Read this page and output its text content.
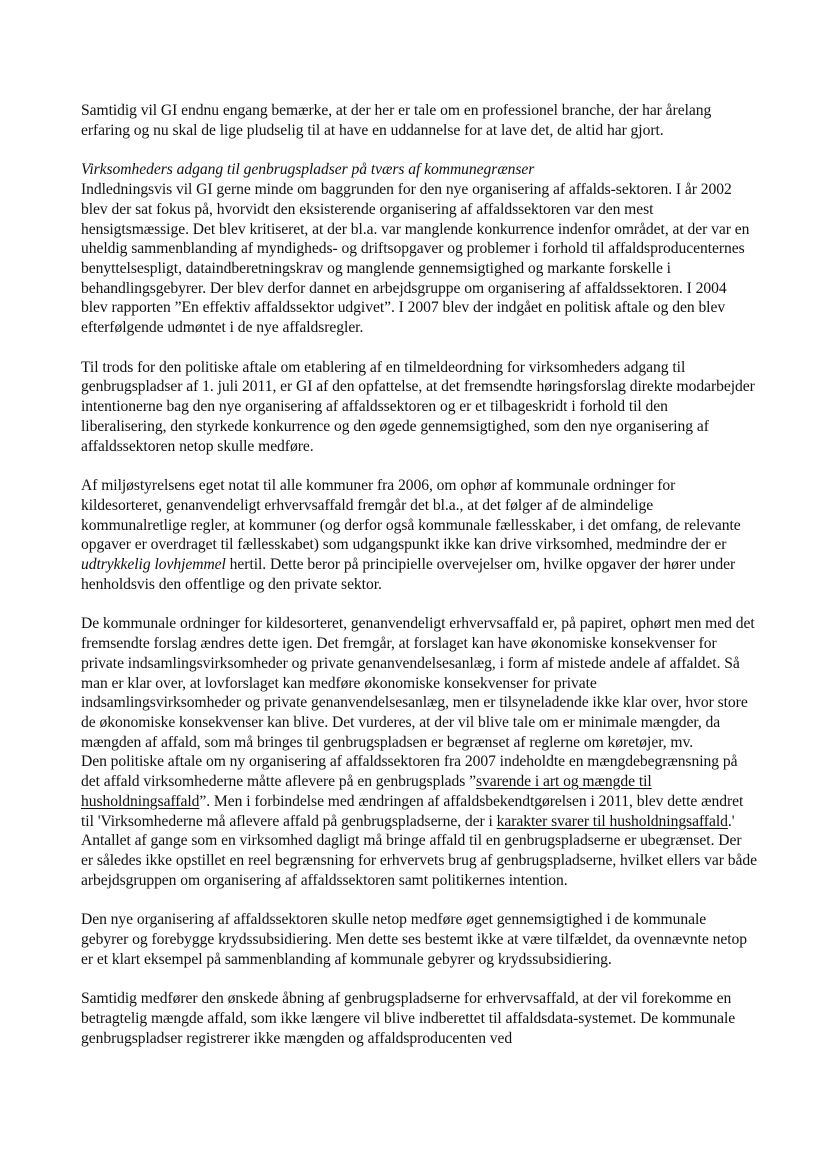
Samtidig vil GI endnu engang bemærke, at der her er tale om en professionel branche, der har årelang erfaring og nu skal de lige pludselig til at have en uddannelse for at lave det, de altid har gjort.

Virksomheders adgang til genbrugspladser på tværs af kommunegrænser
Indledningsvis vil GI gerne minde om baggrunden for den nye organisering af affalds-sektoren. I år 2002 blev der sat fokus på, hvorvidt den eksisterende organisering af affaldssektoren var den mest hensigtsmæssige. Det blev kritiseret, at der bl.a. var manglende konkurrence indenfor området, at der var en uheldig sammenblanding af myndigheds- og driftsopgaver og problemer i forhold til affaldsproducenternes benyttelsespligt, dataindberetningskrav og manglende gennemsigtighed og markante forskelle i behandlingsgebyrer. Der blev derfor dannet en arbejdsgruppe om organisering af affaldssektoren. I 2004 blev rapporten ”En effektiv affaldssektor udgivet”. I 2007 blev der indgået en politisk aftale og den blev efterfølgende udmøntet i de nye affaldsregler.

Til trods for den politiske aftale om etablering af en tilmeldeordning for virksomheders adgang til genbrugspladser af 1. juli 2011, er GI af den opfattelse, at det fremsendte høringsforslag direkte modarbejder intentionerne bag den nye organisering af affaldssektoren og er et tilbageskridt i forhold til den liberalisering, den styrkede konkurrence og den øgede gennemsigtighed, som den nye organisering af affaldssektoren netop skulle medføre.

Af miljøstyrelsens eget notat til alle kommuner fra 2006, om ophør af kommunale ordninger for kildesorteret, genanvendeligt erhvervsaffald fremgår det bl.a., at det følger af de almindelige kommunalretlige regler, at kommuner (og derfor også kommunale fællesskaber, i det omfang, de relevante opgaver er overdraget til fællesskabet) som udgangspunkt ikke kan drive virksomhed, medmindre der er udtrykkelig lovhjemmel hertil. Dette beror på principielle overvejelser om, hvilke opgaver der hører under henholdsvis den offentlige og den private sektor.

De kommunale ordninger for kildesorteret, genanvendeligt erhvervsaffald er, på papiret, ophørt men med det fremsendte forslag ændres dette igen. Det fremgår, at forslaget kan have økonomiske konsekvenser for private indsamlingsvirksomheder og private genanvendelsesanlæg, i form af mistede andele af affaldet. Så man er klar over, at lovforslaget kan medføre økonomiske konsekvenser for private indsamlingsvirksomheder og private genanvendelsesanlæg, men er tilsyneladende ikke klar over, hvor store de økonomiske konsekvenser kan blive. Det vurderes, at der vil blive tale om er minimale mængder, da mængden af affald, som må bringes til genbrugspladsen er begrænset af reglerne om køretøjer, mv.

Den politiske aftale om ny organisering af affaldssektoren fra 2007 indeholdte en mængdebegrænsning på det affald virksomhederne måtte aflevere på en genbrugsplads ”svarende i art og mængde til husholdningsaffald”. Men i forbindelse med ændringen af affaldsbekendtgørelsen i 2011, blev dette ændret til 'Virksomhederne må aflevere affald på genbrugspladserne, der i karakter svarer til husholdningsaffald.' Antallet af gange som en virksomhed dagligt må bringe affald til en genbrugspladserne er ubegrænset. Der er således ikke opstillet en reel begrænsning for erhvervets brug af genbrugspladserne, hvilket ellers var både arbejdsgruppen om organisering af affaldssektoren samt politikernes intention.

Den nye organisering af affaldssektoren skulle netop medføre øget gennemsigtighed i de kommunale gebyrer og forebygge krydssubsidiering. Men dette ses bestemt ikke at være tilfældet, da ovennævnte netop er et klart eksempel på sammenblanding af kommunale gebyrer og krydssubsidiering.

Samtidig medfører den ønskede åbning af genbrugspladserne for erhvervsaffald, at der vil forekomme en betragtelig mængde affald, som ikke længere vil blive indberettet til affaldsdata-systemet. De kommunale genbrugspladser registrerer ikke mængden og affaldsproducenten ved
